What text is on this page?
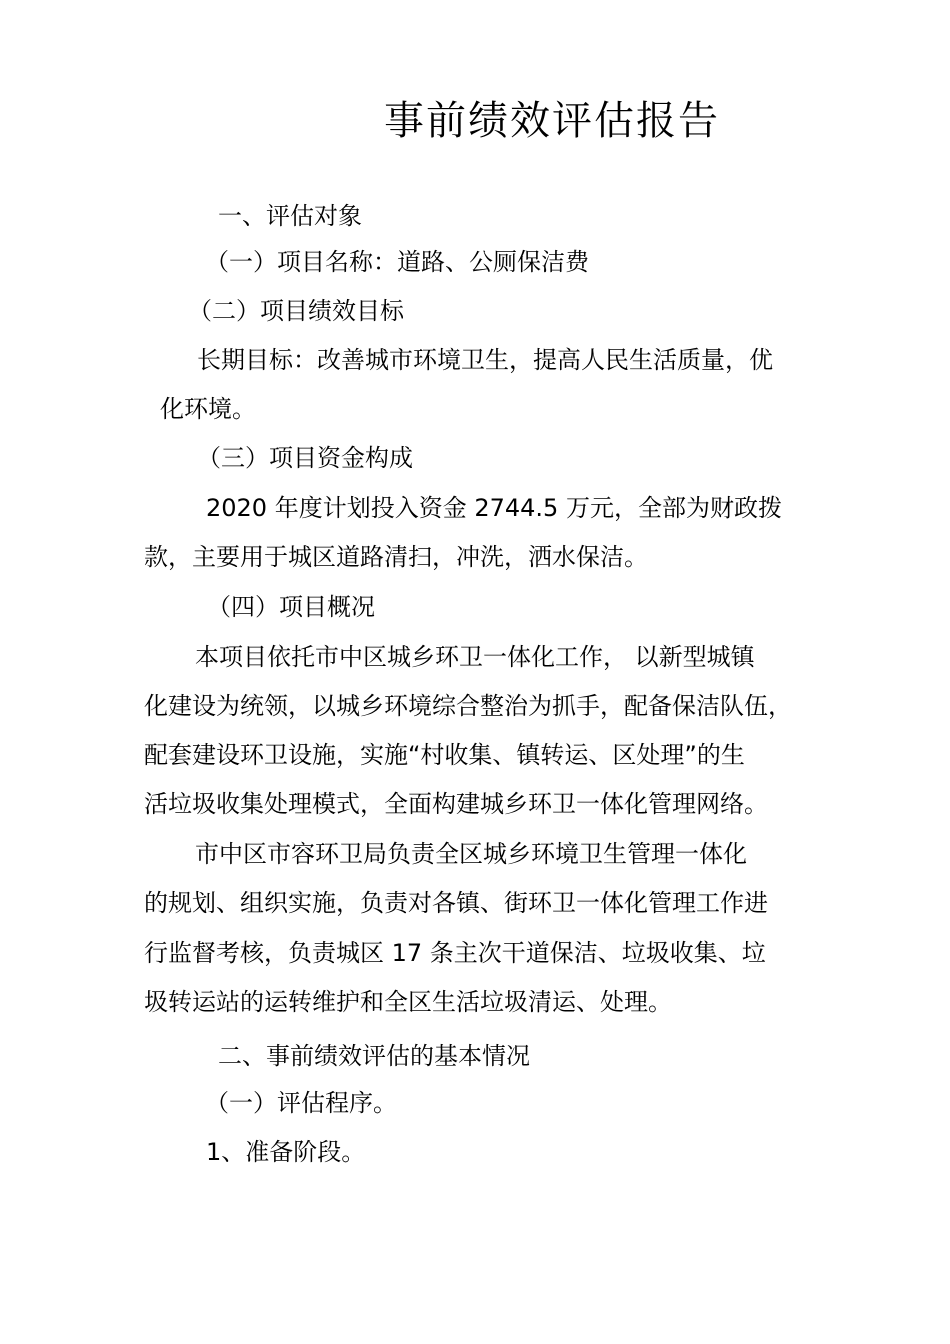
事前绩效评估报告
一、评估对象
（一）项目名称：道路、公厕保洁费
（二）项目绩效目标
长期目标：改善城市环境卫生，提高人民生活质量，优
化环境。
（三）项目资金构成
2020 年度计划投入资金 2744.5 万元，全部为财政拨
款，主要用于城区道路清扫，冲洗，洒水保洁。
（四）项目概况
本项目依托市中区城乡环卫一体化工作， 以新型城镇
化建设为统领，以城乡环境综合整治为抓手，配备保洁队伍，
配套建设环卫设施，实施“村收集、镇转运、区处理”的生
活垃圾收集处理模式，全面构建城乡环卫一体化管理网络。
市中区市容环卫局负责全区城乡环境卫生管理一体化
的规划、组织实施，负责对各镇、街环卫一体化管理工作进
行监督考核，负责城区 17 条主次干道保洁、垃圾收集、垃
圾转运站的运转维护和全区生活垃圾清运、处理。
二、事前绩效评估的基本情况
（一）评估程序。
1、准备阶段。
